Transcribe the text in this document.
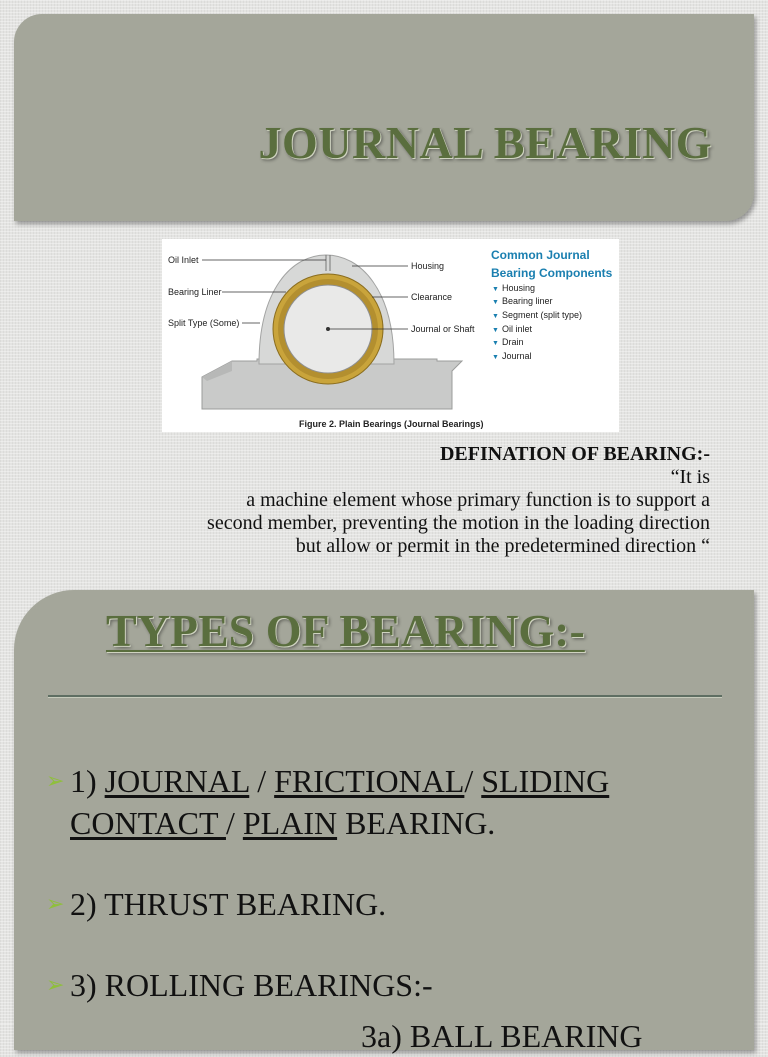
JOURNAL BEARING
Oil Inlet
Bearing Liner
Split Type (Some)
Housing
Clearance
Journal or Shaft
Common Journal
Bearing Components
▼ Housing
▼ Bearing liner
▼ Segment (split type)
▼ Oil inlet
▼ Drain
▼ Journal
Figure 2. Plain Bearings (Journal Bearings)
DEFINATION OF BEARING:-
“It is
a machine element whose primary function is to support a
second member, preventing the motion in the loading direction
but allow or permit in the predetermined direction “
TYPES OF BEARING:-
➢ 1) JOURNAL / FRICTIONAL/ SLIDING
CONTACT / PLAIN BEARING.
➢ 2) THRUST BEARING.
➢ 3) ROLLING BEARINGS:-

3a) BALL BEARING
